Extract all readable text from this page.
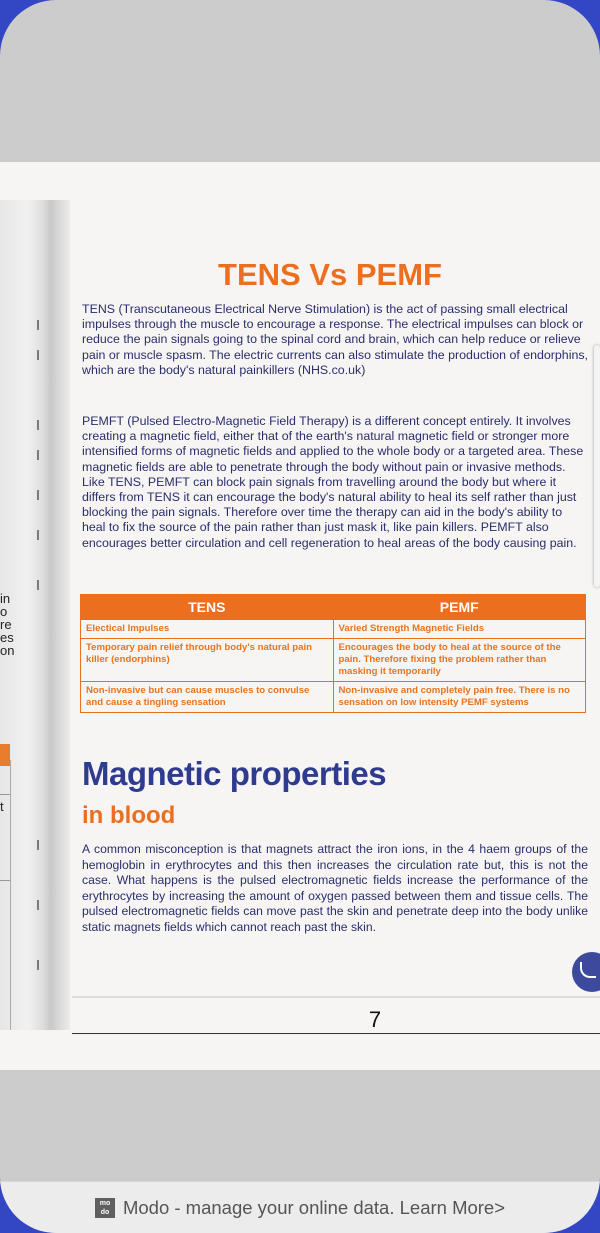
in
o
re
es
on
t
TENS Vs PEMF
TENS (Transcutaneous Electrical Nerve Stimulation) is the act of passing small electrical impulses through the muscle to encourage a response. The electrical impulses can block or reduce the pain signals going to the spinal cord and brain, which can help reduce or relieve pain or muscle spasm. The electric currents can also stimulate the production of endorphins, which are the body's natural painkillers (NHS.co.uk)
PEMFT (Pulsed Electro-Magnetic Field Therapy) is a different concept entirely. It involves creating a magnetic field, either that of the earth's natural magnetic field or stronger more intensified forms of magnetic fields and applied to the whole body or a targeted area. These magnetic fields are able to penetrate through the body without pain or invasive methods. Like TENS, PEMFT can block pain signals from travelling around the body but where it differs from TENS it can encourage the body's natural ability to heal its self rather than just blocking the pain signals. Therefore over time the therapy can aid in the body's ability to heal to fix the source of the pain rather than just mask it, like pain killers. PEMFT also encourages better circulation and cell regeneration to heal areas of the body causing pain.
TENS	PEMF
Electical Impulses	Varied Strength Magnetic Fields
Temporary pain relief through body's natural pain killer (endorphins)	Encourages the body to heal at the source of the pain. Therefore fixing the problem rather than masking it temporarily
Non-invasive but can cause muscles to convulse and cause a tingling sensation	Non-invasive and completely pain free. There is no sensation on low intensity PEMF systems
Magnetic properties
in blood
A common misconception is that magnets attract the iron ions, in the 4 haem groups of the hemoglobin in erythrocytes and this then increases the circulation rate but, this is not the case. What happens is the pulsed electromagnetic fields increase the performance of the erythrocytes by increasing the amount of oxygen passed between them and tissue cells. The pulsed electromagnetic fields can move past the skin and penetrate deep into the body unlike static magnets fields which cannot reach past the skin.
7
mo do Modo - manage your online data. Learn More>
